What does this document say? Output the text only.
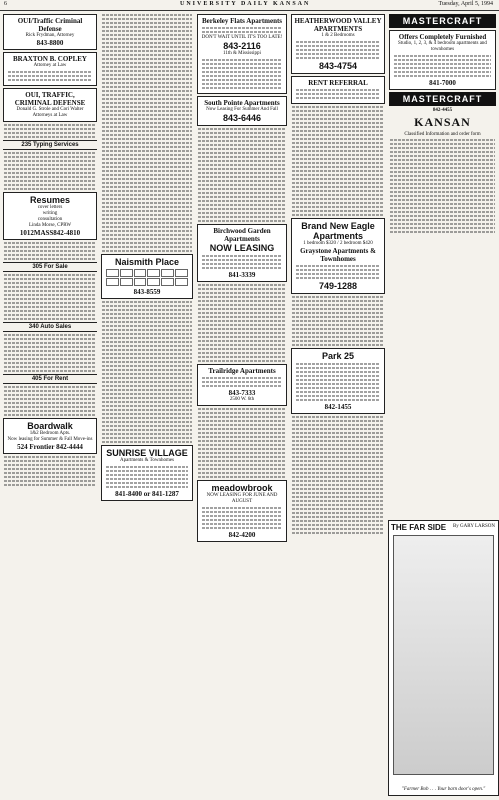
6	UNIVERSITY DAILY KANSAN	Tuesday, April 5, 1994
OUI/Traffic Criminal Defense
Rick Frydman, Attorney

843-8800
BRAXTON B. COPLEY
Attorney at Law
OUI, TRAFFIC, CRIMINAL DEFENSE
Donald G. Strole and Cori Walter
Attorneys at Law
235 Typing Services
Resumes
cover letters
writing
consultation
Linda Morse, CPRW

1012MASS842-4810
305 For Sale
340 Auto Sales
405 For Rent
Boardwalk
1&2 Bedroom Apts.
Now leasing for Summer & Fall Move-ins

524 Frontier 842-4444
Naismith Place
843-8559
SUNRISE VILLAGE
Apartments & Townhomes
841-8400 or 841-1287
Berkeley Flats Apartments
DON'T WAIT UNTIL IT'S TOO LATE!

843-2116
11th & Mississippi
South Pointe Apartments
Now Leasing For Summer And Fall

843-6446
Birchwood Garden Apartments
NOW LEASING
841-3339
Trailridge Apartments
843-7333
2500 W. 6th
meadowbrook
NOW LEASING FOR JUNE AND AUGUST
842-4200
HEATHERWOOD VALLEY APARTMENTS
1 & 2 Bedrooms
843-4754
RENT REFERRAL
Brand New Eagle Apartments
1 bedroom $320 / 2 bedroom $420

Graystone Apartments & Townhomes
749-1288
Park 25
842-1455
MASTERCRAFT
Offers Completely Furnished
Studio, 1, 2, 3, & 4 bedroom apartments and townhomes
841-7000
MASTERCRAFT
842-4455
KANSAN
Classified Information and order form
THE FAR SIDE	By GARY LARSON
"Farmer Bob . . . Your barn door's open."
